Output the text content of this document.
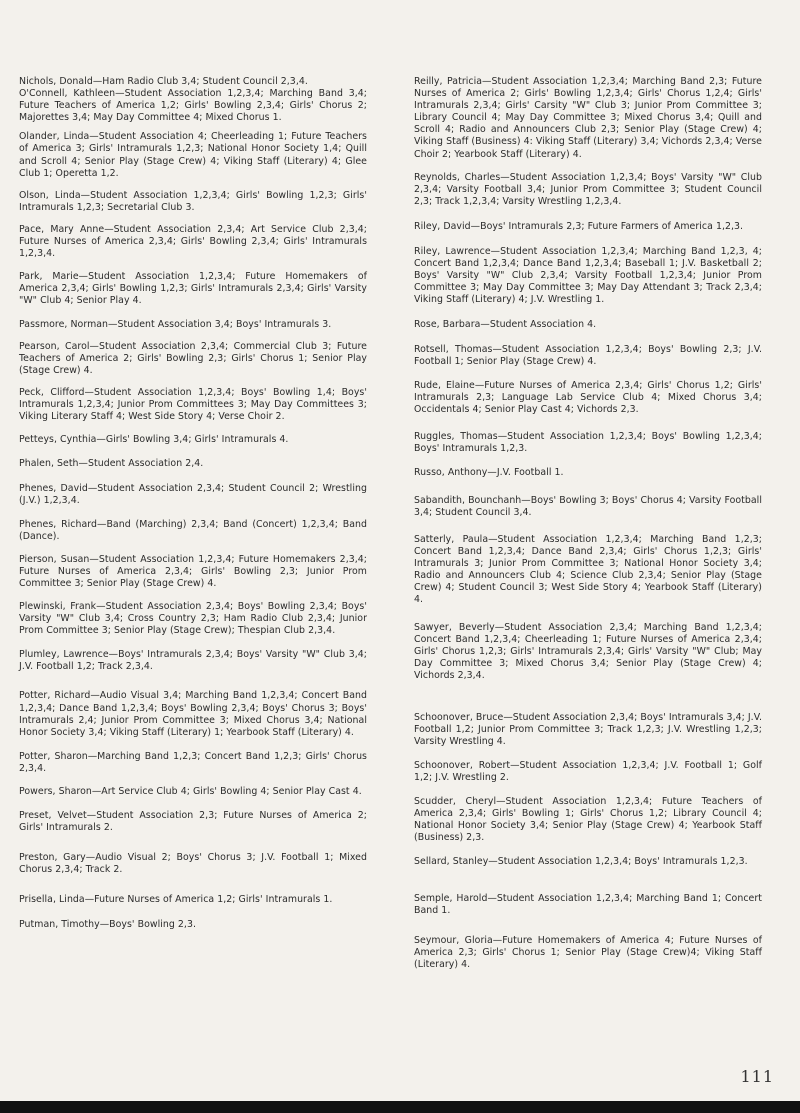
Nichols, Donald—Ham Radio Club 3,4; Student Council 2,3,4.

O'Connell, Kathleen—Student Association 1,2,3,4; Marching Band 3,4; Future Teachers of America 1,2; Girls' Bowling 2,3,4; Girls' Chorus 2; Majorettes 3,4; May Day Committee 4; Mixed Chorus 1.

Olander, Linda—Student Association 4; Cheerleading 1; Future Teachers of America 3; Girls' Intramurals 1,2,3; National Honor Society 1,4; Quill and Scroll 4; Senior Play (Stage Crew) 4; Viking Staff (Literary) 4; Glee Club 1; Operetta 1,2.

Olson, Linda—Student Association 1,2,3,4; Girls' Bowling 1,2,3; Girls' Intramurals 1,2,3; Secretarial Club 3.

Pace, Mary Anne—Student Association 2,3,4; Art Service Club 2,3,4; Future Nurses of America 2,3,4; Girls' Bowling 2,3,4; Girls' Intramurals 1,2,3,4.

Park, Marie—Student Association 1,2,3,4; Future Homemakers of America 2,3,4; Girls' Bowling 1,2,3; Girls' Intramurals 2,3,4; Girls' Varsity "W" Club 4; Senior Play 4.

Passmore, Norman—Student Association 3,4; Boys' Intramurals 3.

Pearson, Carol—Student Association 2,3,4; Commercial Club 3; Future Teachers of America 2; Girls' Bowling 2,3; Girls' Chorus 1; Senior Play (Stage Crew) 4.

Peck, Clifford—Student Association 1,2,3,4; Boys' Bowling 1,4; Boys' Intramurals 1,2,3,4; Junior Prom Committees 3; May Day Committees 3; Viking Literary Staff 4; West Side Story 4; Verse Choir 2.

Petteys, Cynthia—Girls' Bowling 3,4; Girls' Intramurals 4.

Phalen, Seth—Student Association 2,4.

Phenes, David—Student Association 2,3,4; Student Council 2; Wrestling (J.V.) 1,2,3,4.

Phenes, Richard—Band (Marching) 2,3,4; Band (Concert) 1,2,3,4; Band (Dance).

Pierson, Susan—Student Association 1,2,3,4; Future Homemakers 2,3,4; Future Nurses of America 2,3,4; Girls' Bowling 2,3; Junior Prom Committee 3; Senior Play (Stage Crew) 4.

Plewinski, Frank—Student Association 2,3,4; Boys' Bowling 2,3,4; Boys' Varsity "W" Club 3,4; Cross Country 2,3; Ham Radio Club 2,3,4; Junior Prom Committee 3; Senior Play (Stage Crew); Thespian Club 2,3,4.

Plumley, Lawrence—Boys' Intramurals 2,3,4; Boys' Varsity "W" Club 3,4; J.V. Football 1,2; Track 2,3,4.

Potter, Richard—Audio Visual 3,4; Marching Band 1,2,3,4; Concert Band 1,2,3,4; Dance Band 1,2,3,4; Boys' Bowling 2,3,4; Boys' Chorus 3; Boys' Intramurals 2,4; Junior Prom Committee 3; Mixed Chorus 3,4; National Honor Society 3,4; Viking Staff (Literary) 1; Yearbook Staff (Literary) 4.

Potter, Sharon—Marching Band 1,2,3; Concert Band 1,2,3; Girls' Chorus 2,3,4.

Powers, Sharon—Art Service Club 4; Girls' Bowling 4; Senior Play Cast 4.

Preset, Velvet—Student Association 2,3; Future Nurses of America 2; Girls' Intramurals 2.

Preston, Gary—Audio Visual 2; Boys' Chorus 3; J.V. Football 1; Mixed Chorus 2,3,4; Track 2.

Prisella, Linda—Future Nurses of America 1,2; Girls' Intramurals 1.

Putman, Timothy—Boys' Bowling 2,3.

Reilly, Patricia—Student Association 1,2,3,4; Marching Band 2,3; Future Nurses of America 2; Girls' Bowling 1,2,3,4; Girls' Chorus 1,2,4; Girls' Intramurals 2,3,4; Girls' Carsity "W" Club 3; Junior Prom Committee 3; Library Council 4; May Day Committee 3; Mixed Chorus 3,4; Quill and Scroll 4; Radio and Announcers Club 2,3; Senior Play (Stage Crew) 4; Viking Staff (Business) 4: Viking Staff (Literary) 3,4; Vichords 2,3,4; Verse Choir 2; Yearbook Staff (Literary) 4.

Reynolds, Charles—Student Association 1,2,3,4; Boys' Varsity "W" Club 2,3,4; Varsity Football 3,4; Junior Prom Committee 3; Student Council 2,3; Track 1,2,3,4; Varsity Wrestling 1,2,3,4.

Riley, David—Boys' Intramurals 2,3; Future Farmers of America 1,2,3.

Riley, Lawrence—Student Association 1,2,3,4; Marching Band 1,2,3, 4; Concert Band 1,2,3,4; Dance Band 1,2,3,4; Baseball 1; J.V. Basketball 2; Boys' Varsity "W" Club 2,3,4; Varsity Football 1,2,3,4; Junior Prom Committee 3; May Day Committee 3; May Day Attendant 3; Track 2,3,4; Viking Staff (Literary) 4; J.V. Wrestling 1.

Rose, Barbara—Student Association 4.

Rotsell, Thomas—Student Association 1,2,3,4; Boys' Bowling 2,3; J.V. Football 1; Senior Play (Stage Crew) 4.

Rude, Elaine—Future Nurses of America 2,3,4; Girls' Chorus 1,2; Girls' Intramurals 2,3; Language Lab Service Club 4; Mixed Chorus 3,4; Occidentals 4; Senior Play Cast 4; Vichords 2,3.

Ruggles, Thomas—Student Association 1,2,3,4; Boys' Bowling 1,2,3,4; Boys' Intramurals 1,2,3.

Russo, Anthony—J.V. Football 1.

Sabandith, Bounchanh—Boys' Bowling 3; Boys' Chorus 4; Varsity Football 3,4; Student Council 3,4.

Satterly, Paula—Student Association 1,2,3,4; Marching Band 1,2,3; Concert Band 1,2,3,4; Dance Band 2,3,4; Girls' Chorus 1,2,3; Girls' Intramurals 3; Junior Prom Committee 3; National Honor Society 3,4; Radio and Announcers Club 4; Science Club 2,3,4; Senior Play (Stage Crew) 4; Student Council 3; West Side Story 4; Yearbook Staff (Literary) 4.

Sawyer, Beverly—Student Association 2,3,4; Marching Band 1,2,3,4; Concert Band 1,2,3,4; Cheerleading 1; Future Nurses of America 2,3,4; Girls' Chorus 1,2,3; Girls' Intramurals 2,3,4; Girls' Varsity "W" Club; May Day Committee 3; Mixed Chorus 3,4; Senior Play (Stage Crew) 4; Vichords 2,3,4.

Schoonover, Bruce—Student Association 2,3,4; Boys' Intramurals 3,4; J.V. Football 1,2; Junior Prom Committee 3; Track 1,2,3; J.V. Wrestling 1,2,3; Varsity Wrestling 4.

Schoonover, Robert—Student Association 1,2,3,4; J.V. Football 1; Golf 1,2; J.V. Wrestling 2.

Scudder, Cheryl—Student Association 1,2,3,4; Future Teachers of America 2,3,4; Girls' Bowling 1; Girls' Chorus 1,2; Library Council 4; National Honor Society 3,4; Senior Play (Stage Crew) 4; Yearbook Staff (Business) 2,3.

Sellard, Stanley—Student Association 1,2,3,4; Boys' Intramurals 1,2,3.

Semple, Harold—Student Association 1,2,3,4; Marching Band 1; Concert Band 1.

Seymour, Gloria—Future Homemakers of America 4; Future Nurses of America 2,3; Girls' Chorus 1; Senior Play (Stage Crew)4; Viking Staff (Literary) 4.

111
